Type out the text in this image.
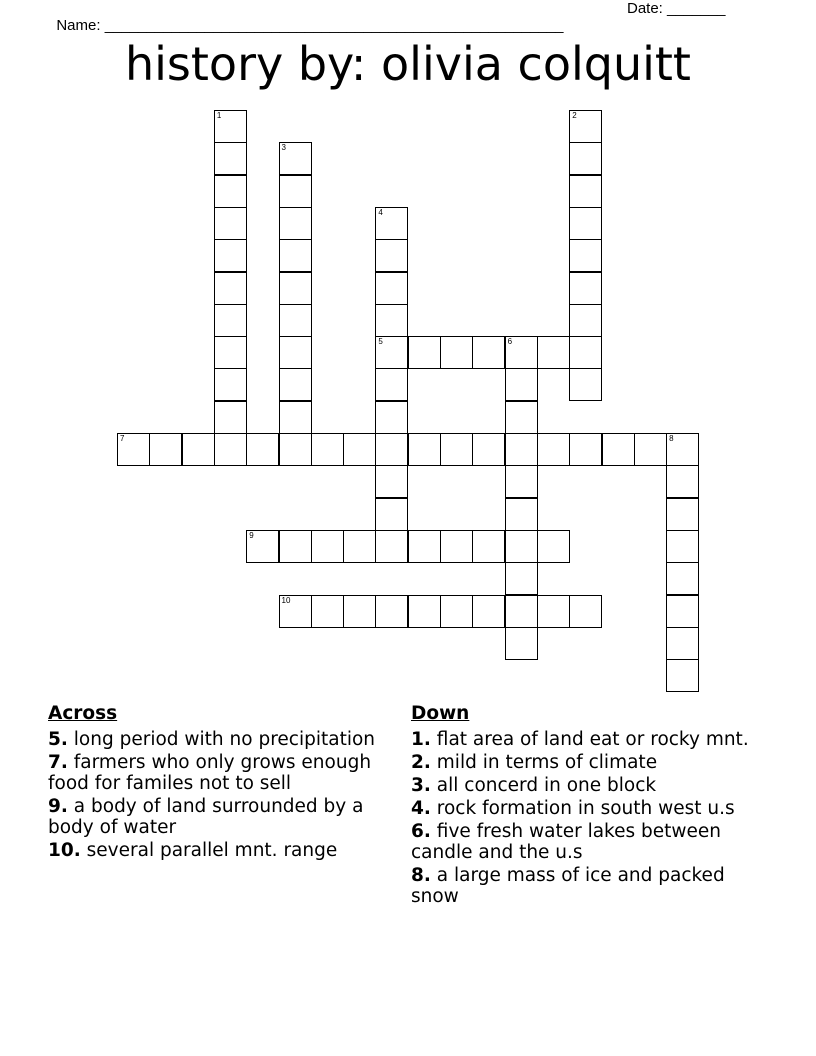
Name: _______________________________________________________

Date: _______

history by: olivia colquitt
1	2
3
4
5	6
7	8
9
10
Across
5. long period with no precipitation
7. farmers who only grows enough food for familes not to sell
9. a body of land surrounded by a body of water
10. several parallel mnt. range
Down
1. flat area of land eat or rocky mnt.
2. mild in terms of climate
3. all concerd in one block
4. rock formation in south west u.s
6. five fresh water lakes between candle and the u.s
8. a large mass of ice and packed snow
